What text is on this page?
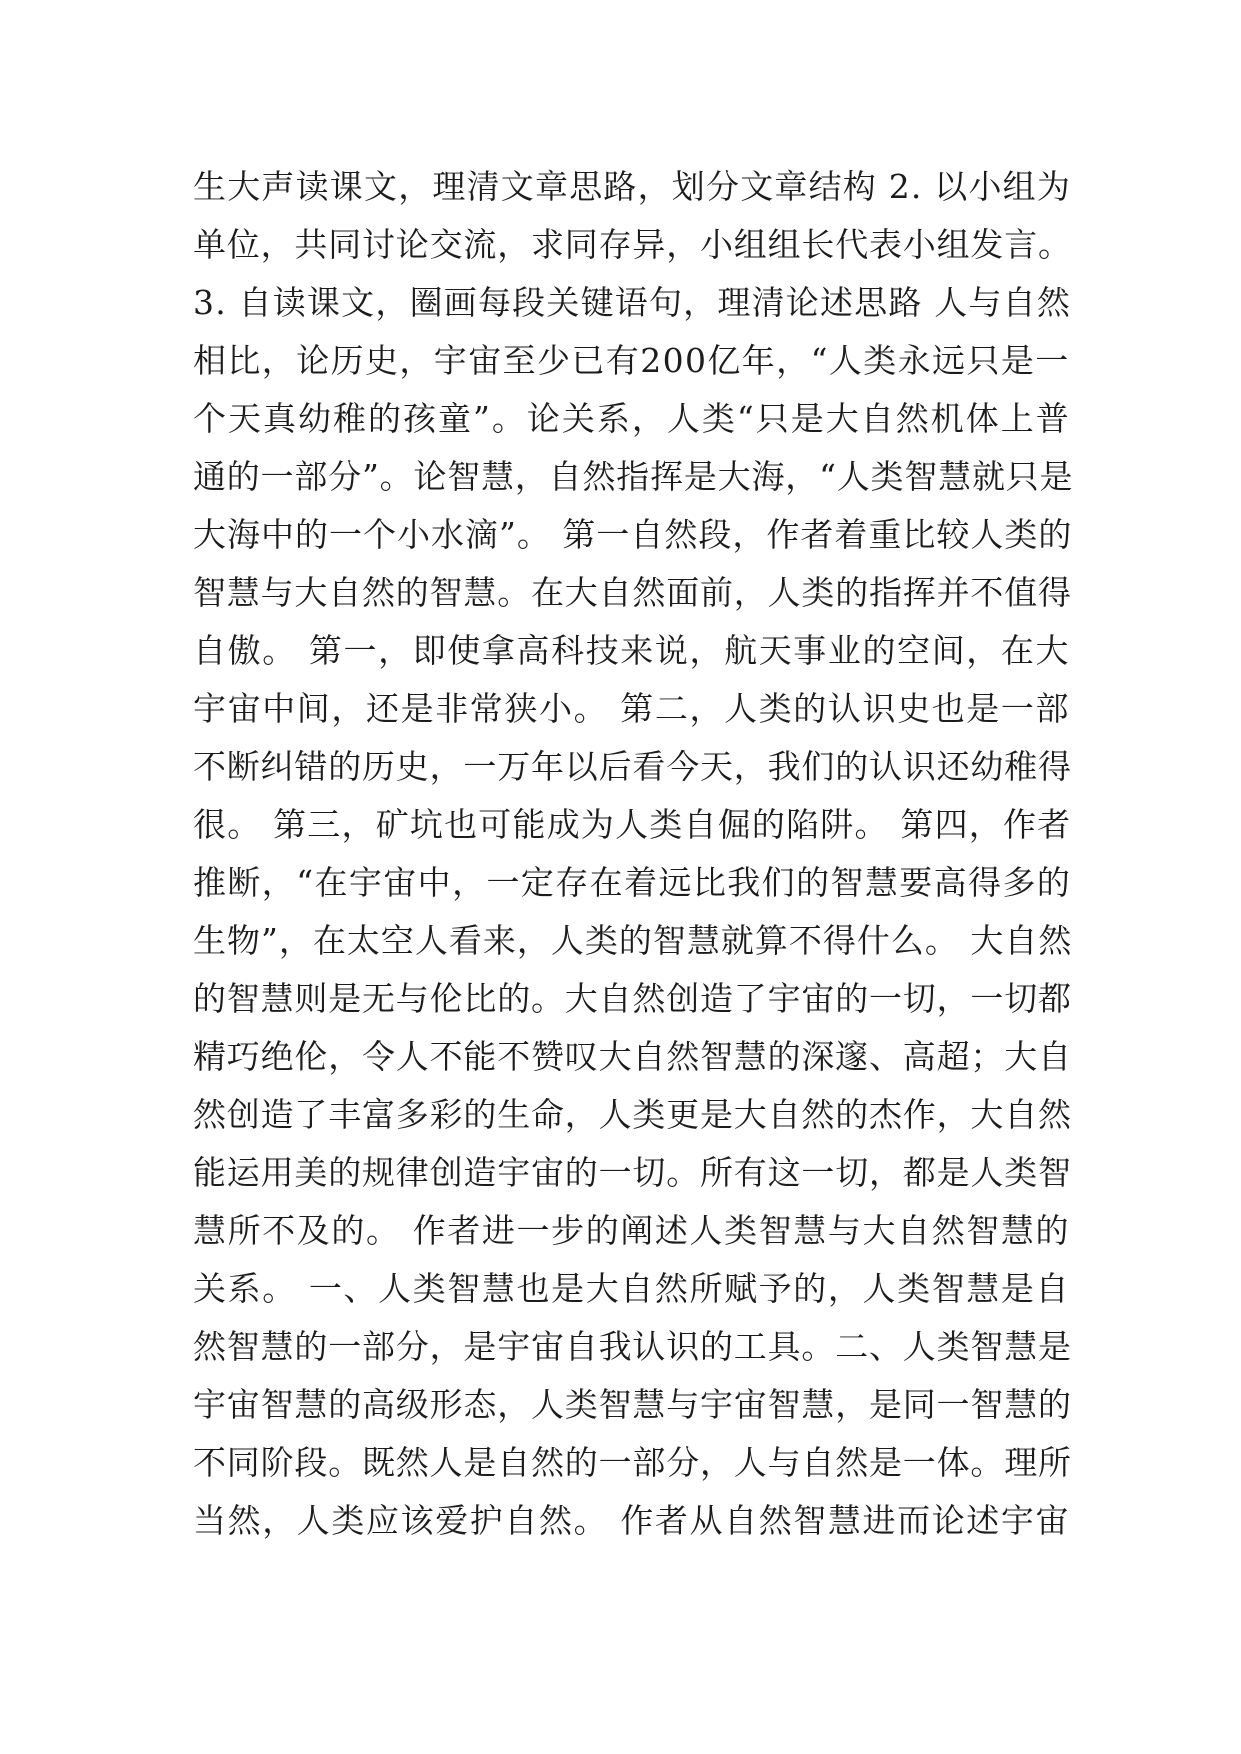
生大声读课文，理清文章思路，划分文章结构 2. 以小组为
单位，共同讨论交流，求同存异，小组组长代表小组发言。
3. 自读课文，圈画每段关键语句，理清论述思路 人与自然
相比，论历史，宇宙至少已有200亿年，“人类永远只是一
个天真幼稚的孩童”。论关系，人类“只是大自然机体上普
通的一部分”。论智慧，自然指挥是大海，“人类智慧就只是
大海中的一个小水滴”。 第一自然段，作者着重比较人类的
智慧与大自然的智慧。在大自然面前，人类的指挥并不值得
自傲。 第一，即使拿高科技来说，航天事业的空间，在大
宇宙中间，还是非常狭小。 第二，人类的认识史也是一部
不断纠错的历史，一万年以后看今天，我们的认识还幼稚得
很。 第三，矿坑也可能成为人类自倔的陷阱。 第四，作者
推断，“在宇宙中，一定存在着远比我们的智慧要高得多的
生物”，在太空人看来，人类的智慧就算不得什么。 大自然
的智慧则是无与伦比的。大自然创造了宇宙的一切，一切都
精巧绝伦，令人不能不赞叹大自然智慧的深邃、高超；大自
然创造了丰富多彩的生命，人类更是大自然的杰作，大自然
能运用美的规律创造宇宙的一切。所有这一切，都是人类智
慧所不及的。 作者进一步的阐述人类智慧与大自然智慧的
关系。 一、人类智慧也是大自然所赋予的，人类智慧是自
然智慧的一部分，是宇宙自我认识的工具。二、人类智慧是
宇宙智慧的高级形态，人类智慧与宇宙智慧，是同一智慧的
不同阶段。既然人是自然的一部分，人与自然是一体。理所
当然，人类应该爱护自然。 作者从自然智慧进而论述宇宙
